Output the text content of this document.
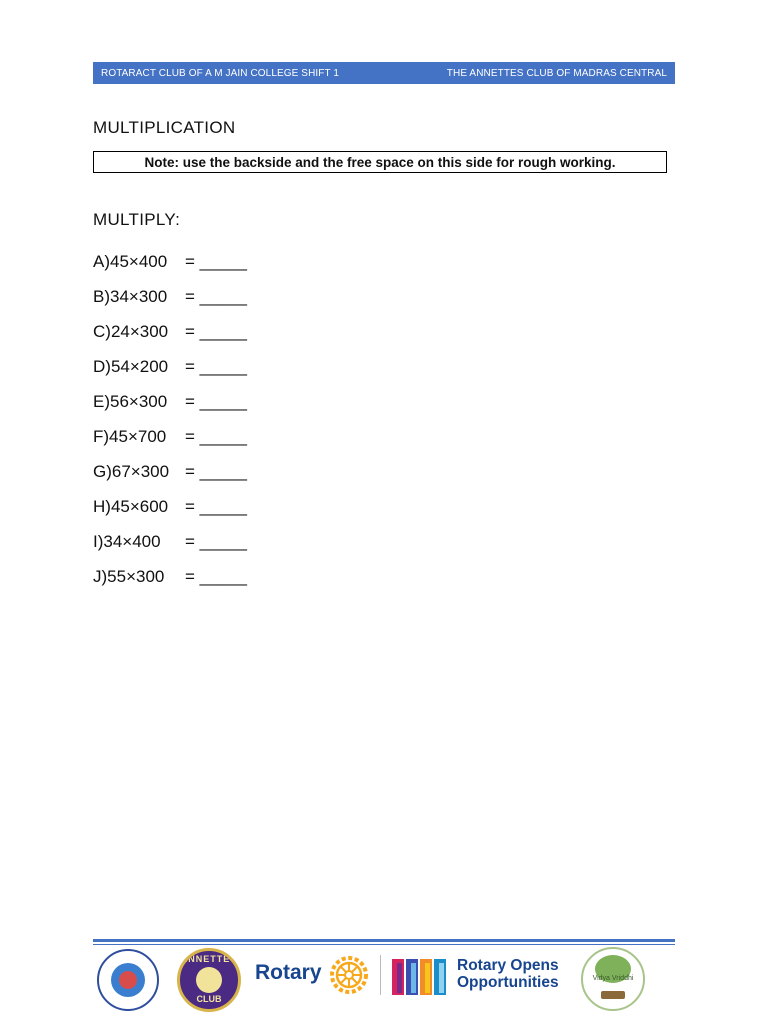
ROTARACT CLUB OF A M JAIN COLLEGE SHIFT 1	THE ANNETTES CLUB OF MADRAS CENTRAL
MULTIPLICATION
Note: use the backside and the free space on this side for rough working.
MULTIPLY:
A)45×400	= _____
B)34×300	= _____
C)24×300 = _____
D)54×200 = _____
E)56×300	= _____
F)45×700	= _____
G)67×300 = _____
H)45×600 = _____
I)34×400	= _____
J)55×300	= _____
ANNETTES
CLUB
Rotary	Rotary Opens
Opportunities	Vidya Vriddhi
